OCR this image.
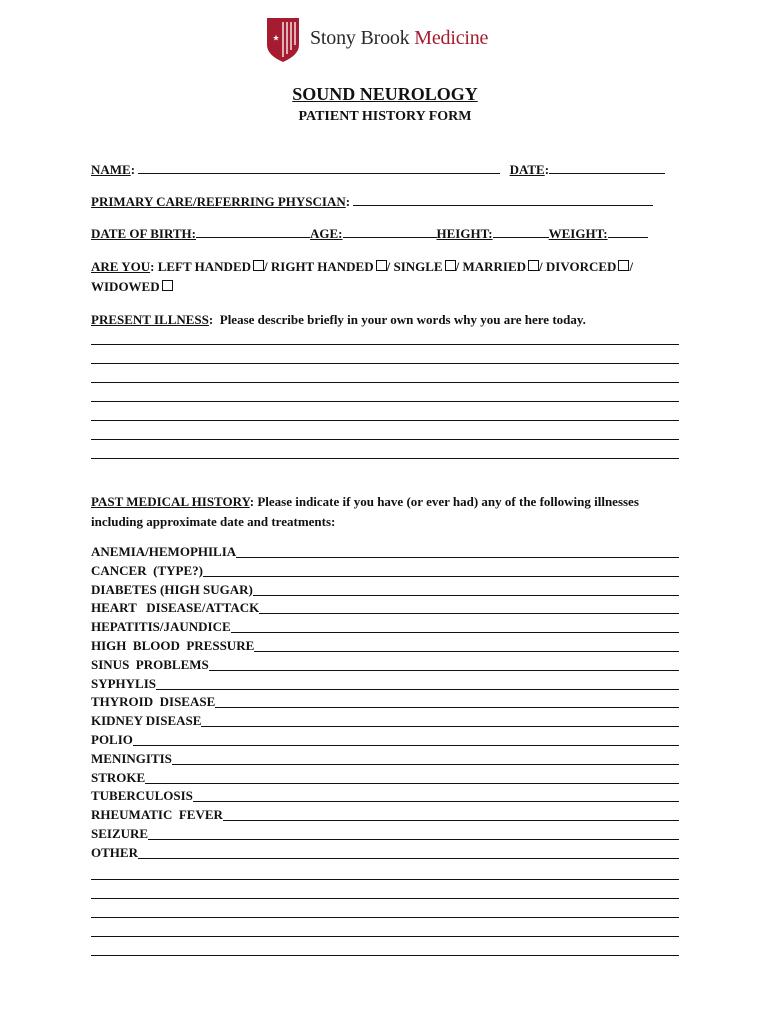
Stony Brook Medicine
SOUND NEUROLOGY
PATIENT HISTORY FORM
NAME:	DATE:
PRIMARY CARE/REFERRING PHYSCIAN:
DATE OF BIRTH:	AGE:	HEIGHT:	WEIGHT:
ARE YOU: LEFT HANDED / RIGHT HANDED / SINGLE / MARRIED / DIVORCED /
WIDOWED
PRESENT ILLNESS:  Please describe briefly in your own words why you are here today.
PAST MEDICAL HISTORY: Please indicate if you have (or ever had) any of the following illnesses
including approximate date and treatments:
ANEMIA/HEMOPHILIA
CANCER  (TYPE?)
DIABETES (HIGH SUGAR)
HEART   DISEASE/ATTACK
HEPATITIS/JAUNDICE
HIGH  BLOOD  PRESSURE
SINUS  PROBLEMS
SYPHYLIS
THYROID  DISEASE
KIDNEY DISEASE
POLIO
MENINGITIS
STROKE
TUBERCULOSIS
RHEUMATIC  FEVER
SEIZURE
OTHER
